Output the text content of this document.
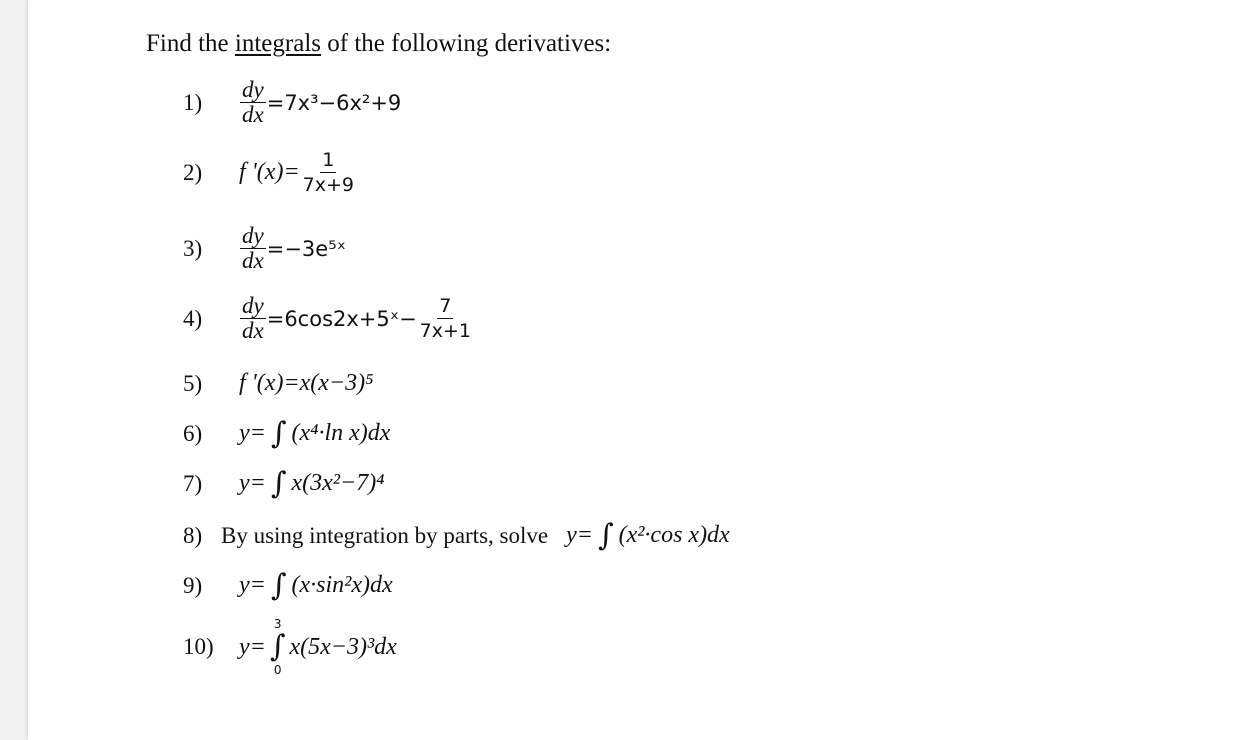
Find the integrals of the following derivatives:
1)	$\frac{dy}{dx} =7x^3-6x^2+9$
2)	f '$(x)= \frac{1}{7x+9}$
3)	$\frac{dy}{dx}$ =−3e⁵ˣ
4)	$\frac{dy}{dx}$ =6cos2x+5ˣ− $\frac{7}{7x+1}$
5)	f '(x)=x(x−3)⁵
6)	y= ∫ (x⁴·ln x)dx
7)	y= ∫ x(3x²−7)⁴
8) By using integration by parts, solve y= ∫ (x²·cos x)dx
9)	y= ∫ (x·sin²x)dx
10)	y=
3
∫
0
x(5x−3)³dx
